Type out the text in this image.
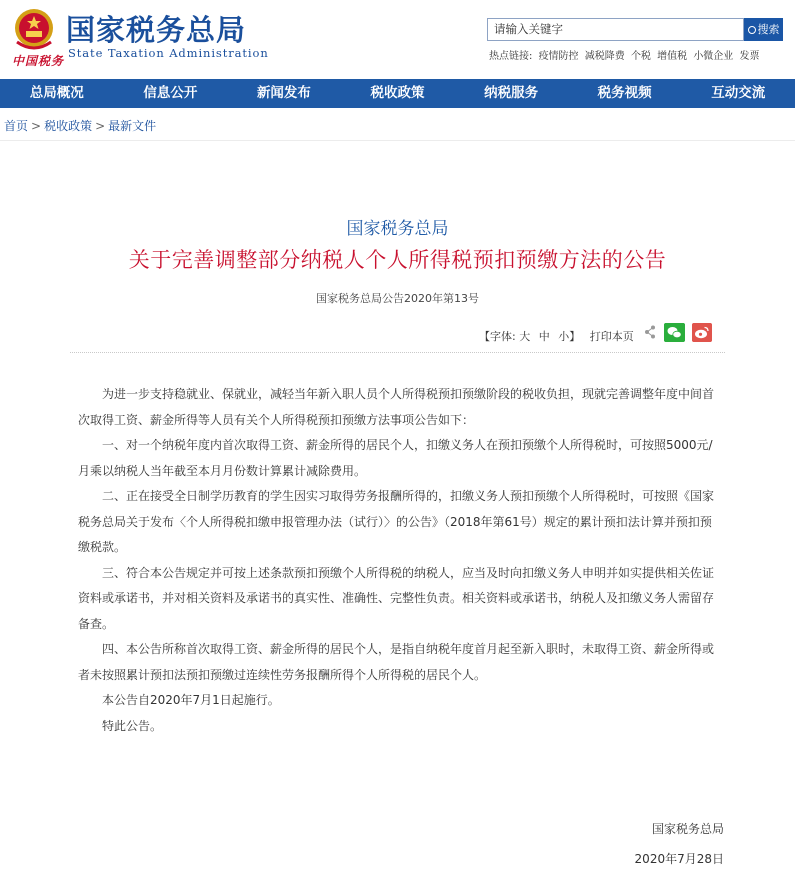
国家税务总局
State Taxation Administration
中国税务
请输入关键字	搜索
热点链接: 疫情防控 减税降费 个税 增值税 小微企业 发票
总局概况	信息公开	新闻发布	税收政策	纳税服务	税务视频	互动交流
首页 > 税收政策 > 最新文件
国家税务总局
关于完善调整部分纳税人个人所得税预扣预缴方法的公告
国家税务总局公告2020年第13号
【字体: 大 中 小】 打印本页

为进一步支持稳就业、保就业，减轻当年新入职人员个人所得税预扣预缴阶段的税收负担，现就完善调整年度中间首次取得工资、薪金所得等人员有关个人所得税预扣预缴方法事项公告如下：

一、对一个纳税年度内首次取得工资、薪金所得的居民个人，扣缴义务人在预扣预缴个人所得税时，可按照5000元/月乘以纳税人当年截至本月月份数计算累计减除费用。

二、正在接受全日制学历教育的学生因实习取得劳务报酬所得的，扣缴义务人预扣预缴个人所得税时，可按照《国家税务总局关于发布〈个人所得税扣缴申报管理办法（试行）〉的公告》（2018年第61号）规定的累计预扣法计算并预扣预缴税款。

三、符合本公告规定并可按上述条款预扣预缴个人所得税的纳税人，应当及时向扣缴义务人申明并如实提供相关佐证资料或承诺书，并对相关资料及承诺书的真实性、准确性、完整性负责。相关资料或承诺书，纳税人及扣缴义务人需留存备查。

四、本公告所称首次取得工资、薪金所得的居民个人，是指自纳税年度首月起至新入职时，未取得工资、薪金所得或者未按照累计预扣法预扣预缴过连续性劳务报酬所得个人所得税的居民个人。

本公告自2020年7月1日起施行。

特此公告。

国家税务总局
2020年7月28日
